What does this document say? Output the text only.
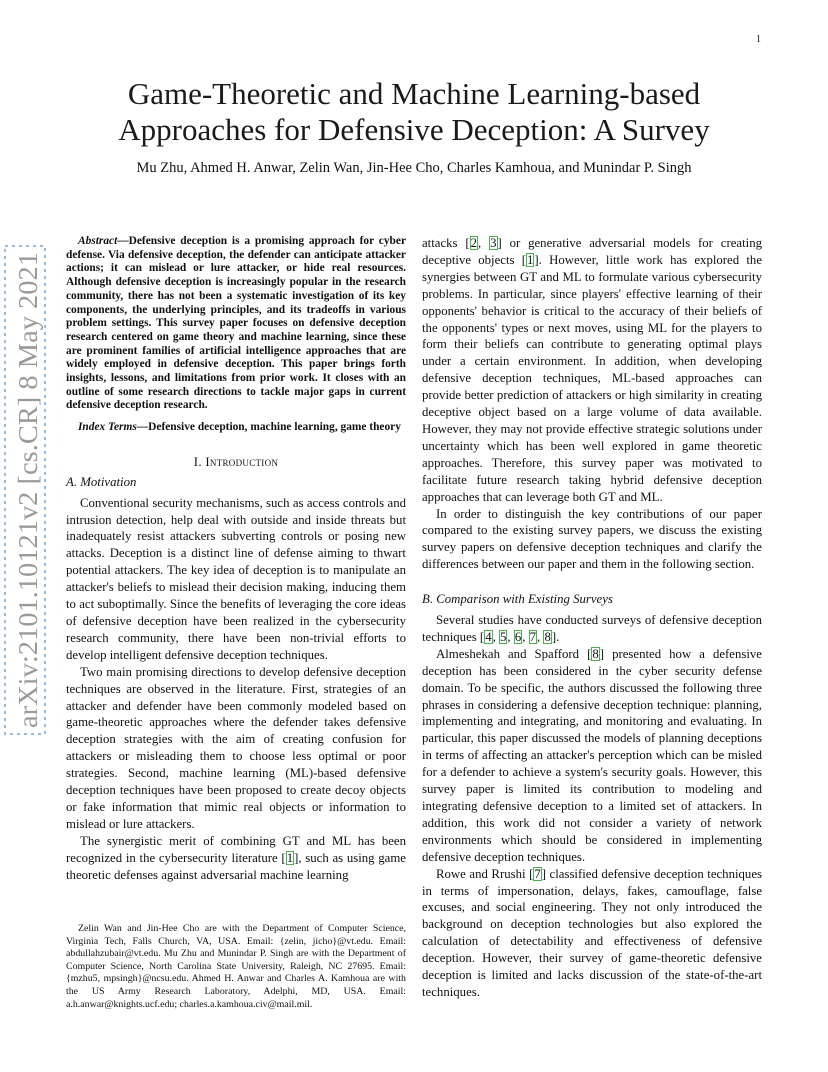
1
Game-Theoretic and Machine Learning-based
Approaches for Defensive Deception: A Survey
Mu Zhu, Ahmed H. Anwar, Zelin Wan, Jin-Hee Cho, Charles Kamhoua, and Munindar P. Singh
arXiv:2101.10121v2 [cs.CR] 8 May 2021

Abstract—Defensive deception is a promising approach for cyber defense. Via defensive deception, the defender can anticipate attacker actions; it can mislead or lure attacker, or hide real resources. Although defensive deception is increasingly popular in the research community, there has not been a systematic investigation of its key components, the underlying principles, and its tradeoffs in various problem settings. This survey paper focuses on defensive deception research centered on game theory and machine learning, since these are prominent families of artificial intelligence approaches that are widely employed in defensive deception. This paper brings forth insights, lessons, and limitations from prior work. It closes with an outline of some research directions to tackle major gaps in current defensive deception research.

Index Terms—Defensive deception, machine learning, game theory

I. Introduction
A. Motivation

Conventional security mechanisms, such as access controls and intrusion detection, help deal with outside and inside threats but inadequately resist attackers subverting controls or posing new attacks. Deception is a distinct line of defense aiming to thwart potential attackers. The key idea of deception is to manipulate an attacker's beliefs to mislead their decision making, inducing them to act suboptimally. Since the benefits of leveraging the core ideas of defensive deception have been realized in the cybersecurity research community, there have been non-trivial efforts to develop intelligent defensive deception techniques.

Two main promising directions to develop defensive deception techniques are observed in the literature. First, strategies of an attacker and defender have been commonly modeled based on game-theoretic approaches where the defender takes defensive deception strategies with the aim of creating confusion for attackers or misleading them to choose less optimal or poor strategies. Second, machine learning (ML)-based defensive deception techniques have been proposed to create decoy objects or fake information that mimic real objects or information to mislead or lure attackers.

The synergistic merit of combining GT and ML has been recognized in the cybersecurity literature [1], such as using game theoretic defenses against adversarial machine learning

Zelin Wan and Jin-Hee Cho are with the Department of Computer Science, Virginia Tech, Falls Church, VA, USA. Email: {zelin, jicho}@vt.edu. Email: abdullahzubair@vt.edu. Mu Zhu and Munindar P. Singh are with the Department of Computer Science, North Carolina State University, Raleigh, NC 27695. Email: {mzhu5, mpsingh}@ncsu.edu. Ahmed H. Anwar and Charles A. Kamhoua are with the US Army Research Laboratory, Adelphi, MD, USA. Email: a.h.anwar@knights.ucf.edu; charles.a.kamhoua.civ@mail.mil.

attacks [2, 3] or generative adversarial models for creating deceptive objects [1]. However, little work has explored the synergies between GT and ML to formulate various cybersecurity problems. In particular, since players' effective learning of their opponents' behavior is critical to the accuracy of their beliefs of the opponents' types or next moves, using ML for the players to form their beliefs can contribute to generating optimal plays under a certain environment. In addition, when developing defensive deception techniques, ML-based approaches can provide better prediction of attackers or high similarity in creating deceptive object based on a large volume of data available. However, they may not provide effective strategic solutions under uncertainty which has been well explored in game theoretic approaches. Therefore, this survey paper was motivated to facilitate future research taking hybrid defensive deception approaches that can leverage both GT and ML.

In order to distinguish the key contributions of our paper compared to the existing survey papers, we discuss the existing survey papers on defensive deception techniques and clarify the differences between our paper and them in the following section.

B. Comparison with Existing Surveys

Several studies have conducted surveys of defensive deception techniques [4, 5, 6, 7, 8].

Almeshekah and Spafford [8] presented how a defensive deception has been considered in the cyber security defense domain. To be specific, the authors discussed the following three phrases in considering a defensive deception technique: planning, implementing and integrating, and monitoring and evaluating. In particular, this paper discussed the models of planning deceptions in terms of affecting an attacker's perception which can be misled for a defender to achieve a system's security goals. However, this survey paper is limited its contribution to modeling and integrating defensive deception to a limited set of attackers. In addition, this work did not consider a variety of network environments which should be considered in implementing defensive deception techniques.

Rowe and Rrushi [7] classified defensive deception techniques in terms of impersonation, delays, fakes, camouflage, false excuses, and social engineering. They not only introduced the background on deception technologies but also explored the calculation of detectability and effectiveness of defensive deception. However, their survey of game-theoretic defensive deception is limited and lacks discussion of the state-of-the-art techniques.
